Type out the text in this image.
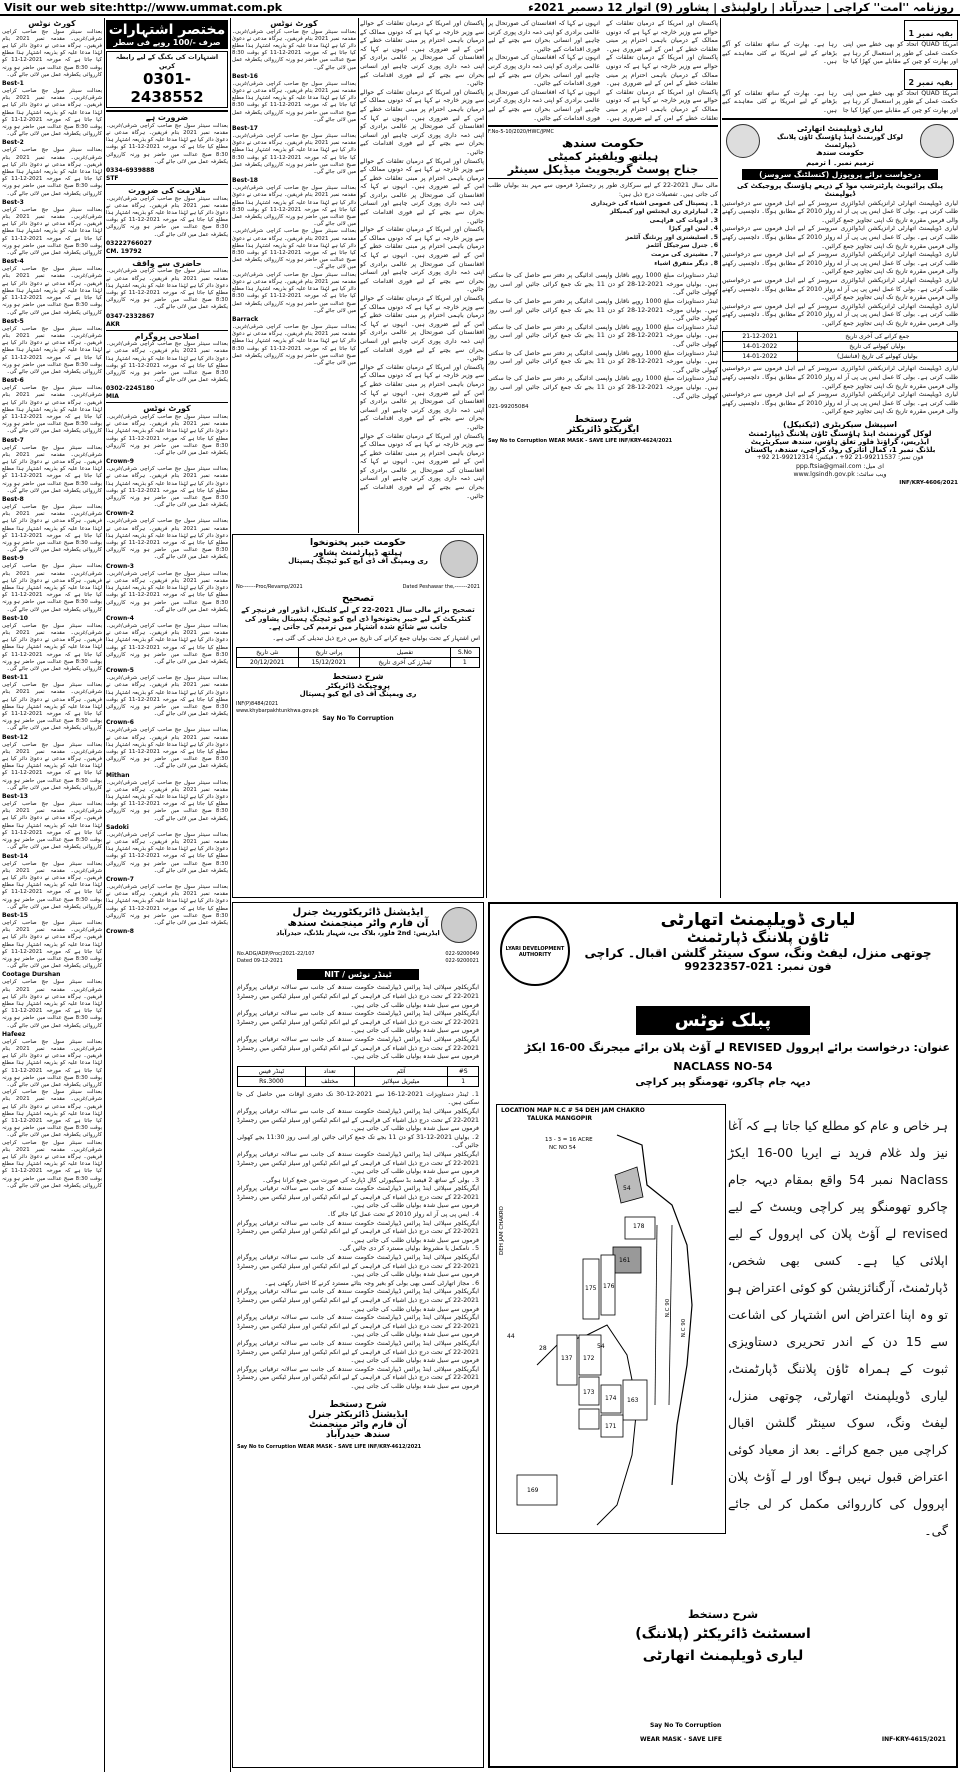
Visit our web site:http://www.ummat.com.pk	روزنامہ ''امت'' کراچی | حیدرآباد | راولپنڈی | پشاور (9) اتوار 12 دسمبر 2021ء
کورٹ نوٹس
بعدالت سینئر سول جج صاحب کراچی شرقی/غربی۔ مقدمہ نمبر 2021 بنام فریقین۔ ہرگاہ مدعی نے دعویٰ دائر کیا ہے لہٰذا مدعا علیہ کو بذریعہ اشتہار ہذا مطلع کیا جاتا ہے کہ مورخہ 2021-12-11 کو بوقت 8:30 صبح عدالت میں حاضر ہو ورنہ کارروائی یکطرفہ عمل میں لائی جائے گی۔
Best-1
بعدالت سینئر سول جج صاحب کراچی شرقی/غربی۔ مقدمہ نمبر 2021 بنام فریقین۔ ہرگاہ مدعی نے دعویٰ دائر کیا ہے لہٰذا مدعا علیہ کو بذریعہ اشتہار ہذا مطلع کیا جاتا ہے کہ مورخہ 2021-12-11 کو بوقت 8:30 صبح عدالت میں حاضر ہو ورنہ کارروائی یکطرفہ عمل میں لائی جائے گی۔
Best-2
بعدالت سینئر سول جج صاحب کراچی شرقی/غربی۔ مقدمہ نمبر 2021 بنام فریقین۔ ہرگاہ مدعی نے دعویٰ دائر کیا ہے لہٰذا مدعا علیہ کو بذریعہ اشتہار ہذا مطلع کیا جاتا ہے کہ مورخہ 2021-12-11 کو بوقت 8:30 صبح عدالت میں حاضر ہو ورنہ کارروائی یکطرفہ عمل میں لائی جائے گی۔
Best-3
بعدالت سینئر سول جج صاحب کراچی شرقی/غربی۔ مقدمہ نمبر 2021 بنام فریقین۔ ہرگاہ مدعی نے دعویٰ دائر کیا ہے لہٰذا مدعا علیہ کو بذریعہ اشتہار ہذا مطلع کیا جاتا ہے کہ مورخہ 2021-12-11 کو بوقت 8:30 صبح عدالت میں حاضر ہو ورنہ کارروائی یکطرفہ عمل میں لائی جائے گی۔
Best-4
بعدالت سینئر سول جج صاحب کراچی شرقی/غربی۔ مقدمہ نمبر 2021 بنام فریقین۔ ہرگاہ مدعی نے دعویٰ دائر کیا ہے لہٰذا مدعا علیہ کو بذریعہ اشتہار ہذا مطلع کیا جاتا ہے کہ مورخہ 2021-12-11 کو بوقت 8:30 صبح عدالت میں حاضر ہو ورنہ کارروائی یکطرفہ عمل میں لائی جائے گی۔
Best-5
بعدالت سینئر سول جج صاحب کراچی شرقی/غربی۔ مقدمہ نمبر 2021 بنام فریقین۔ ہرگاہ مدعی نے دعویٰ دائر کیا ہے لہٰذا مدعا علیہ کو بذریعہ اشتہار ہذا مطلع کیا جاتا ہے کہ مورخہ 2021-12-11 کو بوقت 8:30 صبح عدالت میں حاضر ہو ورنہ کارروائی یکطرفہ عمل میں لائی جائے گی۔
Best-6
بعدالت سینئر سول جج صاحب کراچی شرقی/غربی۔ مقدمہ نمبر 2021 بنام فریقین۔ ہرگاہ مدعی نے دعویٰ دائر کیا ہے لہٰذا مدعا علیہ کو بذریعہ اشتہار ہذا مطلع کیا جاتا ہے کہ مورخہ 2021-12-11 کو بوقت 8:30 صبح عدالت میں حاضر ہو ورنہ کارروائی یکطرفہ عمل میں لائی جائے گی۔
Best-7
بعدالت سینئر سول جج صاحب کراچی شرقی/غربی۔ مقدمہ نمبر 2021 بنام فریقین۔ ہرگاہ مدعی نے دعویٰ دائر کیا ہے لہٰذا مدعا علیہ کو بذریعہ اشتہار ہذا مطلع کیا جاتا ہے کہ مورخہ 2021-12-11 کو بوقت 8:30 صبح عدالت میں حاضر ہو ورنہ کارروائی یکطرفہ عمل میں لائی جائے گی۔
Best-8
بعدالت سینئر سول جج صاحب کراچی شرقی/غربی۔ مقدمہ نمبر 2021 بنام فریقین۔ ہرگاہ مدعی نے دعویٰ دائر کیا ہے لہٰذا مدعا علیہ کو بذریعہ اشتہار ہذا مطلع کیا جاتا ہے کہ مورخہ 2021-12-11 کو بوقت 8:30 صبح عدالت میں حاضر ہو ورنہ کارروائی یکطرفہ عمل میں لائی جائے گی۔
Best-9
بعدالت سینئر سول جج صاحب کراچی شرقی/غربی۔ مقدمہ نمبر 2021 بنام فریقین۔ ہرگاہ مدعی نے دعویٰ دائر کیا ہے لہٰذا مدعا علیہ کو بذریعہ اشتہار ہذا مطلع کیا جاتا ہے کہ مورخہ 2021-12-11 کو بوقت 8:30 صبح عدالت میں حاضر ہو ورنہ کارروائی یکطرفہ عمل میں لائی جائے گی۔
Best-10
بعدالت سینئر سول جج صاحب کراچی شرقی/غربی۔ مقدمہ نمبر 2021 بنام فریقین۔ ہرگاہ مدعی نے دعویٰ دائر کیا ہے لہٰذا مدعا علیہ کو بذریعہ اشتہار ہذا مطلع کیا جاتا ہے کہ مورخہ 2021-12-11 کو بوقت 8:30 صبح عدالت میں حاضر ہو ورنہ کارروائی یکطرفہ عمل میں لائی جائے گی۔
Best-11
بعدالت سینئر سول جج صاحب کراچی شرقی/غربی۔ مقدمہ نمبر 2021 بنام فریقین۔ ہرگاہ مدعی نے دعویٰ دائر کیا ہے لہٰذا مدعا علیہ کو بذریعہ اشتہار ہذا مطلع کیا جاتا ہے کہ مورخہ 2021-12-11 کو بوقت 8:30 صبح عدالت میں حاضر ہو ورنہ کارروائی یکطرفہ عمل میں لائی جائے گی۔
Best-12
بعدالت سینئر سول جج صاحب کراچی شرقی/غربی۔ مقدمہ نمبر 2021 بنام فریقین۔ ہرگاہ مدعی نے دعویٰ دائر کیا ہے لہٰذا مدعا علیہ کو بذریعہ اشتہار ہذا مطلع کیا جاتا ہے کہ مورخہ 2021-12-11 کو بوقت 8:30 صبح عدالت میں حاضر ہو ورنہ کارروائی یکطرفہ عمل میں لائی جائے گی۔
Best-13
بعدالت سینئر سول جج صاحب کراچی شرقی/غربی۔ مقدمہ نمبر 2021 بنام فریقین۔ ہرگاہ مدعی نے دعویٰ دائر کیا ہے لہٰذا مدعا علیہ کو بذریعہ اشتہار ہذا مطلع کیا جاتا ہے کہ مورخہ 2021-12-11 کو بوقت 8:30 صبح عدالت میں حاضر ہو ورنہ کارروائی یکطرفہ عمل میں لائی جائے گی۔
Best-14
بعدالت سینئر سول جج صاحب کراچی شرقی/غربی۔ مقدمہ نمبر 2021 بنام فریقین۔ ہرگاہ مدعی نے دعویٰ دائر کیا ہے لہٰذا مدعا علیہ کو بذریعہ اشتہار ہذا مطلع کیا جاتا ہے کہ مورخہ 2021-12-11 کو بوقت 8:30 صبح عدالت میں حاضر ہو ورنہ کارروائی یکطرفہ عمل میں لائی جائے گی۔
Best-15
بعدالت سینئر سول جج صاحب کراچی شرقی/غربی۔ مقدمہ نمبر 2021 بنام فریقین۔ ہرگاہ مدعی نے دعویٰ دائر کیا ہے لہٰذا مدعا علیہ کو بذریعہ اشتہار ہذا مطلع کیا جاتا ہے کہ مورخہ 2021-12-11 کو بوقت 8:30 صبح عدالت میں حاضر ہو ورنہ کارروائی یکطرفہ عمل میں لائی جائے گی۔
Cootage Durshan
بعدالت سینئر سول جج صاحب کراچی شرقی/غربی۔ مقدمہ نمبر 2021 بنام فریقین۔ ہرگاہ مدعی نے دعویٰ دائر کیا ہے لہٰذا مدعا علیہ کو بذریعہ اشتہار ہذا مطلع کیا جاتا ہے کہ مورخہ 2021-12-11 کو بوقت 8:30 صبح عدالت میں حاضر ہو ورنہ کارروائی یکطرفہ عمل میں لائی جائے گی۔
Hafeez
بعدالت سینئر سول جج صاحب کراچی شرقی/غربی۔ مقدمہ نمبر 2021 بنام فریقین۔ ہرگاہ مدعی نے دعویٰ دائر کیا ہے لہٰذا مدعا علیہ کو بذریعہ اشتہار ہذا مطلع کیا جاتا ہے کہ مورخہ 2021-12-11 کو بوقت 8:30 صبح عدالت میں حاضر ہو ورنہ کارروائی یکطرفہ عمل میں لائی جائے گی۔
بعدالت سینئر سول جج صاحب کراچی شرقی/غربی۔ مقدمہ نمبر 2021 بنام فریقین۔ ہرگاہ مدعی نے دعویٰ دائر کیا ہے لہٰذا مدعا علیہ کو بذریعہ اشتہار ہذا مطلع کیا جاتا ہے کہ مورخہ 2021-12-11 کو بوقت 8:30 صبح عدالت میں حاضر ہو ورنہ کارروائی یکطرفہ عمل میں لائی جائے گی۔
بعدالت سینئر سول جج صاحب کراچی شرقی/غربی۔ مقدمہ نمبر 2021 بنام فریقین۔ ہرگاہ مدعی نے دعویٰ دائر کیا ہے لہٰذا مدعا علیہ کو بذریعہ اشتہار ہذا مطلع کیا جاتا ہے کہ مورخہ 2021-12-11 کو بوقت 8:30 صبح عدالت میں حاضر ہو ورنہ کارروائی یکطرفہ عمل میں لائی جائے گی۔
مختصر اشتہارات
صرف -/100 روپے فی سطر
اشتہارات کی بکنگ کے لیے رابطہ کریں
0301-2438552
ضرورت ہے
بعدالت سینئر سول جج صاحب کراچی شرقی/غربی۔ مقدمہ نمبر 2021 بنام فریقین۔ ہرگاہ مدعی نے دعویٰ دائر کیا ہے لہٰذا مدعا علیہ کو بذریعہ اشتہار ہذا مطلع کیا جاتا ہے کہ مورخہ 2021-12-11 کو بوقت 8:30 صبح عدالت میں حاضر ہو ورنہ کارروائی یکطرفہ عمل میں لائی جائے گی۔
0334-6939888
STF
ملازمت کی ضرورت
بعدالت سینئر سول جج صاحب کراچی شرقی/غربی۔ مقدمہ نمبر 2021 بنام فریقین۔ ہرگاہ مدعی نے دعویٰ دائر کیا ہے لہٰذا مدعا علیہ کو بذریعہ اشتہار ہذا مطلع کیا جاتا ہے کہ مورخہ 2021-12-11 کو بوقت 8:30 صبح عدالت میں حاضر ہو ورنہ کارروائی یکطرفہ عمل میں لائی جائے گی۔
03222766027
CM. 19792
حاضری سے واقف
بعدالت سینئر سول جج صاحب کراچی شرقی/غربی۔ مقدمہ نمبر 2021 بنام فریقین۔ ہرگاہ مدعی نے دعویٰ دائر کیا ہے لہٰذا مدعا علیہ کو بذریعہ اشتہار ہذا مطلع کیا جاتا ہے کہ مورخہ 2021-12-11 کو بوقت 8:30 صبح عدالت میں حاضر ہو ورنہ کارروائی یکطرفہ عمل میں لائی جائے گی۔
0347-2332867
AKR
اصلاحی پروگرام
بعدالت سینئر سول جج صاحب کراچی شرقی/غربی۔ مقدمہ نمبر 2021 بنام فریقین۔ ہرگاہ مدعی نے دعویٰ دائر کیا ہے لہٰذا مدعا علیہ کو بذریعہ اشتہار ہذا مطلع کیا جاتا ہے کہ مورخہ 2021-12-11 کو بوقت 8:30 صبح عدالت میں حاضر ہو ورنہ کارروائی یکطرفہ عمل میں لائی جائے گی۔
0302-2245180
MIA
کورٹ نوٹس
بعدالت سینئر سول جج صاحب کراچی شرقی/غربی۔ مقدمہ نمبر 2021 بنام فریقین۔ ہرگاہ مدعی نے دعویٰ دائر کیا ہے لہٰذا مدعا علیہ کو بذریعہ اشتہار ہذا مطلع کیا جاتا ہے کہ مورخہ 2021-12-11 کو بوقت 8:30 صبح عدالت میں حاضر ہو ورنہ کارروائی یکطرفہ عمل میں لائی جائے گی۔
Crown-9
بعدالت سینئر سول جج صاحب کراچی شرقی/غربی۔ مقدمہ نمبر 2021 بنام فریقین۔ ہرگاہ مدعی نے دعویٰ دائر کیا ہے لہٰذا مدعا علیہ کو بذریعہ اشتہار ہذا مطلع کیا جاتا ہے کہ مورخہ 2021-12-11 کو بوقت 8:30 صبح عدالت میں حاضر ہو ورنہ کارروائی یکطرفہ عمل میں لائی جائے گی۔
Crown-2
بعدالت سینئر سول جج صاحب کراچی شرقی/غربی۔ مقدمہ نمبر 2021 بنام فریقین۔ ہرگاہ مدعی نے دعویٰ دائر کیا ہے لہٰذا مدعا علیہ کو بذریعہ اشتہار ہذا مطلع کیا جاتا ہے کہ مورخہ 2021-12-11 کو بوقت 8:30 صبح عدالت میں حاضر ہو ورنہ کارروائی یکطرفہ عمل میں لائی جائے گی۔
Crown-3
بعدالت سینئر سول جج صاحب کراچی شرقی/غربی۔ مقدمہ نمبر 2021 بنام فریقین۔ ہرگاہ مدعی نے دعویٰ دائر کیا ہے لہٰذا مدعا علیہ کو بذریعہ اشتہار ہذا مطلع کیا جاتا ہے کہ مورخہ 2021-12-11 کو بوقت 8:30 صبح عدالت میں حاضر ہو ورنہ کارروائی یکطرفہ عمل میں لائی جائے گی۔
Crown-4
بعدالت سینئر سول جج صاحب کراچی شرقی/غربی۔ مقدمہ نمبر 2021 بنام فریقین۔ ہرگاہ مدعی نے دعویٰ دائر کیا ہے لہٰذا مدعا علیہ کو بذریعہ اشتہار ہذا مطلع کیا جاتا ہے کہ مورخہ 2021-12-11 کو بوقت 8:30 صبح عدالت میں حاضر ہو ورنہ کارروائی یکطرفہ عمل میں لائی جائے گی۔
Crown-5
بعدالت سینئر سول جج صاحب کراچی شرقی/غربی۔ مقدمہ نمبر 2021 بنام فریقین۔ ہرگاہ مدعی نے دعویٰ دائر کیا ہے لہٰذا مدعا علیہ کو بذریعہ اشتہار ہذا مطلع کیا جاتا ہے کہ مورخہ 2021-12-11 کو بوقت 8:30 صبح عدالت میں حاضر ہو ورنہ کارروائی یکطرفہ عمل میں لائی جائے گی۔
Crown-6
بعدالت سینئر سول جج صاحب کراچی شرقی/غربی۔ مقدمہ نمبر 2021 بنام فریقین۔ ہرگاہ مدعی نے دعویٰ دائر کیا ہے لہٰذا مدعا علیہ کو بذریعہ اشتہار ہذا مطلع کیا جاتا ہے کہ مورخہ 2021-12-11 کو بوقت 8:30 صبح عدالت میں حاضر ہو ورنہ کارروائی یکطرفہ عمل میں لائی جائے گی۔
Mithan
بعدالت سینئر سول جج صاحب کراچی شرقی/غربی۔ مقدمہ نمبر 2021 بنام فریقین۔ ہرگاہ مدعی نے دعویٰ دائر کیا ہے لہٰذا مدعا علیہ کو بذریعہ اشتہار ہذا مطلع کیا جاتا ہے کہ مورخہ 2021-12-11 کو بوقت 8:30 صبح عدالت میں حاضر ہو ورنہ کارروائی یکطرفہ عمل میں لائی جائے گی۔
Sadoki
بعدالت سینئر سول جج صاحب کراچی شرقی/غربی۔ مقدمہ نمبر 2021 بنام فریقین۔ ہرگاہ مدعی نے دعویٰ دائر کیا ہے لہٰذا مدعا علیہ کو بذریعہ اشتہار ہذا مطلع کیا جاتا ہے کہ مورخہ 2021-12-11 کو بوقت 8:30 صبح عدالت میں حاضر ہو ورنہ کارروائی یکطرفہ عمل میں لائی جائے گی۔
Crown-7
بعدالت سینئر سول جج صاحب کراچی شرقی/غربی۔ مقدمہ نمبر 2021 بنام فریقین۔ ہرگاہ مدعی نے دعویٰ دائر کیا ہے لہٰذا مدعا علیہ کو بذریعہ اشتہار ہذا مطلع کیا جاتا ہے کہ مورخہ 2021-12-11 کو بوقت 8:30 صبح عدالت میں حاضر ہو ورنہ کارروائی یکطرفہ عمل میں لائی جائے گی۔
Crown-8
کورٹ نوٹس
بعدالت سینئر سول جج صاحب کراچی شرقی/غربی۔ مقدمہ نمبر 2021 بنام فریقین۔ ہرگاہ مدعی نے دعویٰ دائر کیا ہے لہٰذا مدعا علیہ کو بذریعہ اشتہار ہذا مطلع کیا جاتا ہے کہ مورخہ 2021-12-11 کو بوقت 8:30 صبح عدالت میں حاضر ہو ورنہ کارروائی یکطرفہ عمل میں لائی جائے گی۔
Best-16
بعدالت سینئر سول جج صاحب کراچی شرقی/غربی۔ مقدمہ نمبر 2021 بنام فریقین۔ ہرگاہ مدعی نے دعویٰ دائر کیا ہے لہٰذا مدعا علیہ کو بذریعہ اشتہار ہذا مطلع کیا جاتا ہے کہ مورخہ 2021-12-11 کو بوقت 8:30 صبح عدالت میں حاضر ہو ورنہ کارروائی یکطرفہ عمل میں لائی جائے گی۔
Best-17
بعدالت سینئر سول جج صاحب کراچی شرقی/غربی۔ مقدمہ نمبر 2021 بنام فریقین۔ ہرگاہ مدعی نے دعویٰ دائر کیا ہے لہٰذا مدعا علیہ کو بذریعہ اشتہار ہذا مطلع کیا جاتا ہے کہ مورخہ 2021-12-11 کو بوقت 8:30 صبح عدالت میں حاضر ہو ورنہ کارروائی یکطرفہ عمل میں لائی جائے گی۔
Best-18
بعدالت سینئر سول جج صاحب کراچی شرقی/غربی۔ مقدمہ نمبر 2021 بنام فریقین۔ ہرگاہ مدعی نے دعویٰ دائر کیا ہے لہٰذا مدعا علیہ کو بذریعہ اشتہار ہذا مطلع کیا جاتا ہے کہ مورخہ 2021-12-11 کو بوقت 8:30 صبح عدالت میں حاضر ہو ورنہ کارروائی یکطرفہ عمل میں لائی جائے گی۔
بعدالت سینئر سول جج صاحب کراچی شرقی/غربی۔ مقدمہ نمبر 2021 بنام فریقین۔ ہرگاہ مدعی نے دعویٰ دائر کیا ہے لہٰذا مدعا علیہ کو بذریعہ اشتہار ہذا مطلع کیا جاتا ہے کہ مورخہ 2021-12-11 کو بوقت 8:30 صبح عدالت میں حاضر ہو ورنہ کارروائی یکطرفہ عمل میں لائی جائے گی۔
بعدالت سینئر سول جج صاحب کراچی شرقی/غربی۔ مقدمہ نمبر 2021 بنام فریقین۔ ہرگاہ مدعی نے دعویٰ دائر کیا ہے لہٰذا مدعا علیہ کو بذریعہ اشتہار ہذا مطلع کیا جاتا ہے کہ مورخہ 2021-12-11 کو بوقت 8:30 صبح عدالت میں حاضر ہو ورنہ کارروائی یکطرفہ عمل میں لائی جائے گی۔
Barrack
بعدالت سینئر سول جج صاحب کراچی شرقی/غربی۔ مقدمہ نمبر 2021 بنام فریقین۔ ہرگاہ مدعی نے دعویٰ دائر کیا ہے لہٰذا مدعا علیہ کو بذریعہ اشتہار ہذا مطلع کیا جاتا ہے کہ مورخہ 2021-12-11 کو بوقت 8:30 صبح عدالت میں حاضر ہو ورنہ کارروائی یکطرفہ عمل میں لائی جائے گی۔
پاکستان اور امریکا کے درمیان تعلقات کے حوالے سے وزیر خارجہ نے کہا ہے کہ دونوں ممالک کے درمیان باہمی احترام پر مبنی تعلقات خطے کے امن کے لیے ضروری ہیں۔ انہوں نے کہا کہ افغانستان کی صورتحال پر عالمی برادری کو اپنی ذمہ داری پوری کرنی چاہیے اور انسانی بحران سے بچنے کے لیے فوری اقدامات کیے جائیں۔
پاکستان اور امریکا کے درمیان تعلقات کے حوالے سے وزیر خارجہ نے کہا ہے کہ دونوں ممالک کے درمیان باہمی احترام پر مبنی تعلقات خطے کے امن کے لیے ضروری ہیں۔ انہوں نے کہا کہ افغانستان کی صورتحال پر عالمی برادری کو اپنی ذمہ داری پوری کرنی چاہیے اور انسانی بحران سے بچنے کے لیے فوری اقدامات کیے جائیں۔
پاکستان اور امریکا کے درمیان تعلقات کے حوالے سے وزیر خارجہ نے کہا ہے کہ دونوں ممالک کے درمیان باہمی احترام پر مبنی تعلقات خطے کے امن کے لیے ضروری ہیں۔ انہوں نے کہا کہ افغانستان کی صورتحال پر عالمی برادری کو اپنی ذمہ داری پوری کرنی چاہیے اور انسانی بحران سے بچنے کے لیے فوری اقدامات کیے جائیں۔
پاکستان اور امریکا کے درمیان تعلقات کے حوالے سے وزیر خارجہ نے کہا ہے کہ دونوں ممالک کے درمیان باہمی احترام پر مبنی تعلقات خطے کے امن کے لیے ضروری ہیں۔ انہوں نے کہا کہ افغانستان کی صورتحال پر عالمی برادری کو اپنی ذمہ داری پوری کرنی چاہیے اور انسانی بحران سے بچنے کے لیے فوری اقدامات کیے جائیں۔
پاکستان اور امریکا کے درمیان تعلقات کے حوالے سے وزیر خارجہ نے کہا ہے کہ دونوں ممالک کے درمیان باہمی احترام پر مبنی تعلقات خطے کے امن کے لیے ضروری ہیں۔ انہوں نے کہا کہ افغانستان کی صورتحال پر عالمی برادری کو اپنی ذمہ داری پوری کرنی چاہیے اور انسانی بحران سے بچنے کے لیے فوری اقدامات کیے جائیں۔
پاکستان اور امریکا کے درمیان تعلقات کے حوالے سے وزیر خارجہ نے کہا ہے کہ دونوں ممالک کے درمیان باہمی احترام پر مبنی تعلقات خطے کے امن کے لیے ضروری ہیں۔ انہوں نے کہا کہ افغانستان کی صورتحال پر عالمی برادری کو اپنی ذمہ داری پوری کرنی چاہیے اور انسانی بحران سے بچنے کے لیے فوری اقدامات کیے جائیں۔
پاکستان اور امریکا کے درمیان تعلقات کے حوالے سے وزیر خارجہ نے کہا ہے کہ دونوں ممالک کے درمیان باہمی احترام پر مبنی تعلقات خطے کے امن کے لیے ضروری ہیں۔ انہوں نے کہا کہ افغانستان کی صورتحال پر عالمی برادری کو اپنی ذمہ داری پوری کرنی چاہیے اور انسانی بحران سے بچنے کے لیے فوری اقدامات کیے جائیں۔
پاکستان اور امریکا کے درمیان تعلقات کے حوالے سے وزیر خارجہ نے کہا ہے کہ دونوں ممالک کے درمیان باہمی احترام پر مبنی تعلقات خطے کے امن کے لیے ضروری ہیں۔ انہوں نے کہا کہ افغانستان کی صورتحال پر عالمی برادری کو اپنی ذمہ داری پوری کرنی چاہیے اور انسانی بحران سے بچنے کے لیے فوری اقدامات کیے جائیں۔
پاکستان اور امریکا کے درمیان تعلقات کے حوالے سے وزیر خارجہ نے کہا ہے کہ دونوں ممالک کے درمیان باہمی احترام پر مبنی تعلقات خطے کے امن کے لیے ضروری ہیں۔ انہوں نے کہا کہ افغانستان کی صورتحال پر عالمی برادری کو اپنی ذمہ داری پوری کرنی چاہیے اور انسانی بحران سے بچنے کے لیے فوری اقدامات کیے جائیں۔
پاکستان اور امریکا کے درمیان تعلقات کے حوالے سے وزیر خارجہ نے کہا ہے کہ دونوں ممالک کے درمیان باہمی احترام پر مبنی تعلقات خطے کے امن کے لیے ضروری ہیں۔ انہوں نے کہا کہ افغانستان کی صورتحال پر عالمی برادری کو اپنی ذمہ داری پوری کرنی چاہیے اور انسانی بحران سے بچنے کے لیے فوری اقدامات کیے جائیں۔
F.No-5-10/2020/HWC/JPMC
حکومت سندھ
ہیلتھ ویلفیئر کمیٹی
جناح پوسٹ گریجویٹ میڈیکل سینٹر
مالی سال 2021-22 کے لیے سرکاری طور پر رجسٹرڈ فرموں سے مہر بند بولیاں طلب کی جاتی ہیں۔ تفصیلات درج ذیل ہیں:
1۔ ہسپتال کی عمومی اشیاء کی خریداری
2۔ لیبارٹری ری ایجنٹس اور کیمیکلز
3۔ ادویات کی فراہمی
4۔ لینن اور کپڑا
5۔ اسٹیشنری اور پرنٹنگ آئٹمز
6۔ جنرل سرجیکل آئٹمز
7۔ مشینری کی مرمت
8۔ دیگر متفرق اشیاء
ٹینڈر دستاویزات مبلغ 1000 روپے ناقابل واپسی ادائیگی پر دفتر سے حاصل کی جا سکتی ہیں۔ بولیاں مورخہ 2021-12-28 کو دن 11 بجے تک جمع کرائی جائیں اور اسی روز کھولی جائیں گی۔
ٹینڈر دستاویزات مبلغ 1000 روپے ناقابل واپسی ادائیگی پر دفتر سے حاصل کی جا سکتی ہیں۔ بولیاں مورخہ 2021-12-28 کو دن 11 بجے تک جمع کرائی جائیں اور اسی روز کھولی جائیں گی۔
ٹینڈر دستاویزات مبلغ 1000 روپے ناقابل واپسی ادائیگی پر دفتر سے حاصل کی جا سکتی ہیں۔ بولیاں مورخہ 2021-12-28 کو دن 11 بجے تک جمع کرائی جائیں اور اسی روز کھولی جائیں گی۔
ٹینڈر دستاویزات مبلغ 1000 روپے ناقابل واپسی ادائیگی پر دفتر سے حاصل کی جا سکتی ہیں۔ بولیاں مورخہ 2021-12-28 کو دن 11 بجے تک جمع کرائی جائیں اور اسی روز کھولی جائیں گی۔
ٹینڈر دستاویزات مبلغ 1000 روپے ناقابل واپسی ادائیگی پر دفتر سے حاصل کی جا سکتی ہیں۔ بولیاں مورخہ 2021-12-28 کو دن 11 بجے تک جمع کرائی جائیں اور اسی روز کھولی جائیں گی۔
021-99205084
شرح دستخط
ایگزیکٹو ڈائریکٹر
Say No to Corruption WEAR MASK - SAVE LIFE INF/KRY-4624/2021
بقیہ نمبر 1
امریکا QUAD اتحاد کو بھی خطے میں اپنی حکمت عملی کے طور پر استعمال کر رہا ہے اور بھارت کو چین کے مقابلے میں کھڑا کیا جا رہا ہے۔ بھارت کے ساتھ تعلقات کو آگے بڑھانے کے لیے امریکا نے کئی معاہدے کیے ہیں۔
بقیہ نمبر 2
امریکا QUAD اتحاد کو بھی خطے میں اپنی حکمت عملی کے طور پر استعمال کر رہا ہے اور بھارت کو چین کے مقابلے میں کھڑا کیا جا رہا ہے۔ بھارت کے ساتھ تعلقات کو آگے بڑھانے کے لیے امریکا نے کئی معاہدے کیے ہیں۔
لیاری ڈویلپمنٹ اتھارٹی
لوکل گورنمنٹ اینڈ ہاؤسنگ ٹاؤن پلاننگ ڈیپارٹمنٹ
حکومت سندھ
ترمیم نمبر۔ ا ترمیم
درخواست برائے پروپوزل (کنسلٹنگ سروسز)
پبلک پرائیویٹ پارٹنرشپ موڈ کے ذریعے ہاؤسنگ پروجیکٹ کی ڈیولپمنٹ
لیاری ڈویلپمنٹ اتھارٹی ٹرانزیکشن ایڈوائزری سروسز کے لیے اہل فرموں سے درخواستیں طلب کرتی ہے۔ بولی کا عمل ایس پی پی آر اے رولز 2010 کے مطابق ہوگا۔ دلچسپی رکھنے والی فرمیں مقررہ تاریخ تک اپنی تجاویز جمع کرائیں۔
لیاری ڈویلپمنٹ اتھارٹی ٹرانزیکشن ایڈوائزری سروسز کے لیے اہل فرموں سے درخواستیں طلب کرتی ہے۔ بولی کا عمل ایس پی پی آر اے رولز 2010 کے مطابق ہوگا۔ دلچسپی رکھنے والی فرمیں مقررہ تاریخ تک اپنی تجاویز جمع کرائیں۔
لیاری ڈویلپمنٹ اتھارٹی ٹرانزیکشن ایڈوائزری سروسز کے لیے اہل فرموں سے درخواستیں طلب کرتی ہے۔ بولی کا عمل ایس پی پی آر اے رولز 2010 کے مطابق ہوگا۔ دلچسپی رکھنے والی فرمیں مقررہ تاریخ تک اپنی تجاویز جمع کرائیں۔
لیاری ڈویلپمنٹ اتھارٹی ٹرانزیکشن ایڈوائزری سروسز کے لیے اہل فرموں سے درخواستیں طلب کرتی ہے۔ بولی کا عمل ایس پی پی آر اے رولز 2010 کے مطابق ہوگا۔ دلچسپی رکھنے والی فرمیں مقررہ تاریخ تک اپنی تجاویز جمع کرائیں۔
لیاری ڈویلپمنٹ اتھارٹی ٹرانزیکشن ایڈوائزری سروسز کے لیے اہل فرموں سے درخواستیں طلب کرتی ہے۔ بولی کا عمل ایس پی پی آر اے رولز 2010 کے مطابق ہوگا۔ دلچسپی رکھنے والی فرمیں مقررہ تاریخ تک اپنی تجاویز جمع کرائیں۔
جمع کرانے کی آخری تاریخ	21-12-2021
بولیاں کھولنے کی تاریخ	14-01-2022
بولیاں کھولنے کی تاریخ (فنانشل)	14-01-2022
لیاری ڈویلپمنٹ اتھارٹی ٹرانزیکشن ایڈوائزری سروسز کے لیے اہل فرموں سے درخواستیں طلب کرتی ہے۔ بولی کا عمل ایس پی پی آر اے رولز 2010 کے مطابق ہوگا۔ دلچسپی رکھنے والی فرمیں مقررہ تاریخ تک اپنی تجاویز جمع کرائیں۔
لیاری ڈویلپمنٹ اتھارٹی ٹرانزیکشن ایڈوائزری سروسز کے لیے اہل فرموں سے درخواستیں طلب کرتی ہے۔ بولی کا عمل ایس پی پی آر اے رولز 2010 کے مطابق ہوگا۔ دلچسپی رکھنے والی فرمیں مقررہ تاریخ تک اپنی تجاویز جمع کرائیں۔
اسپیشل سیکریٹری (ٹیکنیکل)
لوکل گورنمنٹ اینڈ ہاؤسنگ ٹاؤن پلاننگ ڈیپارٹمنٹ
ایڈریس، گراؤنڈ فلور تغلق ہاؤس، سندھ سیکریٹریٹ
بلڈنگ نمبر 1، کمال اتاترک روڈ، کراچی، سندھ، پاکستان
فون نمبر: 99211537-21 92+ ، فیکس: 99212314-21 92+
ای میل: ppp.ftsia@gmail.com
ویب سائٹ: www.lgsindh.gov.pk
INF/KRY-4606/2021
حکومت خیبر پختونخوا
ہیلتھ ڈیپارٹمنٹ پشاور
ری ویمپنگ آف ڈی ایچ کیو ٹیچنگ ہسپتال
No-------Proc/Revamp/2021	Dated Peshawar the,-------2021
تصحیح
تصحیح برائے مالی سال 2021-22 کے لیے کلینکل، انڈور اور فرنیچر کے کنٹریکٹ کے لیے خیبر پختونخوا ڈی ایچ کیو ٹیچنگ ہسپتال پشاور کی جانب سے شائع شدہ اشتہار میں ترمیم کی جاتی ہے۔
اس اشتہار کے تحت بولیاں جمع کرانے کی تاریخ میں درج ذیل تبدیلی کی گئی ہے۔
S.No	تفصیل	پرانی تاریخ	نئی تاریخ
1	ٹینڈرز کی آخری تاریخ	15/12/2021	20/12/2021
شرح دستخط
پروجیکٹ ڈائریکٹر
ری ویمپنگ آف ڈی ایچ کیو ہسپتال
INF(P)8484/2021
www.khybarpakhtunkhwa.gov.pk
Say No To Corruption
ایڈیشنل ڈائریکٹوریٹ جنرل
آن فارم واٹر مینجمنٹ سندھ
ایڈریس: 2nd فلور، بلاک بی، شہباز بلڈنگ، حیدرآباد
No.ADG/ADP/Proc/2021-22/107	022-9200049
Dated 09-12-2021	022-9200021
ٹینڈر نوٹس / NIT
ایگریکلچر سپلائی اینڈ پرائس ڈیپارٹمنٹ حکومت سندھ کی جانب سے سالانہ ترقیاتی پروگرام 2021-22 کے تحت درج ذیل اشیاء کی فراہمی کے لیے انکم ٹیکس اور سیلز ٹیکس میں رجسٹرڈ فرموں سے سیل شدہ بولیاں طلب کی جاتی ہیں۔
ایگریکلچر سپلائی اینڈ پرائس ڈیپارٹمنٹ حکومت سندھ کی جانب سے سالانہ ترقیاتی پروگرام 2021-22 کے تحت درج ذیل اشیاء کی فراہمی کے لیے انکم ٹیکس اور سیلز ٹیکس میں رجسٹرڈ فرموں سے سیل شدہ بولیاں طلب کی جاتی ہیں۔
ایگریکلچر سپلائی اینڈ پرائس ڈیپارٹمنٹ حکومت سندھ کی جانب سے سالانہ ترقیاتی پروگرام 2021-22 کے تحت درج ذیل اشیاء کی فراہمی کے لیے انکم ٹیکس اور سیلز ٹیکس میں رجسٹرڈ فرموں سے سیل شدہ بولیاں طلب کی جاتی ہیں۔
S#	آئٹم	تعداد	ٹینڈر فیس
1	میٹیریل سپلائیز	مختلف	Rs.3000
1۔ ٹینڈر دستاویزات 2021-12-16 سے 2021-12-30 تک دفتری اوقات میں حاصل کی جا سکتی ہیں۔
ایگریکلچر سپلائی اینڈ پرائس ڈیپارٹمنٹ حکومت سندھ کی جانب سے سالانہ ترقیاتی پروگرام 2021-22 کے تحت درج ذیل اشیاء کی فراہمی کے لیے انکم ٹیکس اور سیلز ٹیکس میں رجسٹرڈ فرموں سے سیل شدہ بولیاں طلب کی جاتی ہیں۔
2۔ بولیاں 2021-12-31 کو دن 11 بجے تک جمع کرائی جائیں اور اسی روز 11:30 بجے کھولی جائیں گی۔
ایگریکلچر سپلائی اینڈ پرائس ڈیپارٹمنٹ حکومت سندھ کی جانب سے سالانہ ترقیاتی پروگرام 2021-22 کے تحت درج ذیل اشیاء کی فراہمی کے لیے انکم ٹیکس اور سیلز ٹیکس میں رجسٹرڈ فرموں سے سیل شدہ بولیاں طلب کی جاتی ہیں۔
3۔ بولی کے ساتھ 2 فیصد بڈ سیکیورٹی کال ڈپازٹ کی صورت میں جمع کرانا ہوگی۔
ایگریکلچر سپلائی اینڈ پرائس ڈیپارٹمنٹ حکومت سندھ کی جانب سے سالانہ ترقیاتی پروگرام 2021-22 کے تحت درج ذیل اشیاء کی فراہمی کے لیے انکم ٹیکس اور سیلز ٹیکس میں رجسٹرڈ فرموں سے سیل شدہ بولیاں طلب کی جاتی ہیں۔
4۔ ایس پی پی آر اے رولز 2010 کے تحت عمل کیا جائے گا۔
ایگریکلچر سپلائی اینڈ پرائس ڈیپارٹمنٹ حکومت سندھ کی جانب سے سالانہ ترقیاتی پروگرام 2021-22 کے تحت درج ذیل اشیاء کی فراہمی کے لیے انکم ٹیکس اور سیلز ٹیکس میں رجسٹرڈ فرموں سے سیل شدہ بولیاں طلب کی جاتی ہیں۔
5۔ نامکمل یا مشروط بولیاں مسترد کر دی جائیں گی۔
ایگریکلچر سپلائی اینڈ پرائس ڈیپارٹمنٹ حکومت سندھ کی جانب سے سالانہ ترقیاتی پروگرام 2021-22 کے تحت درج ذیل اشیاء کی فراہمی کے لیے انکم ٹیکس اور سیلز ٹیکس میں رجسٹرڈ فرموں سے سیل شدہ بولیاں طلب کی جاتی ہیں۔
6۔ مجاز اتھارٹی کسی بھی بولی کو بغیر وجہ بتائے مسترد کرنے کا اختیار رکھتی ہے۔
ایگریکلچر سپلائی اینڈ پرائس ڈیپارٹمنٹ حکومت سندھ کی جانب سے سالانہ ترقیاتی پروگرام 2021-22 کے تحت درج ذیل اشیاء کی فراہمی کے لیے انکم ٹیکس اور سیلز ٹیکس میں رجسٹرڈ فرموں سے سیل شدہ بولیاں طلب کی جاتی ہیں۔
ایگریکلچر سپلائی اینڈ پرائس ڈیپارٹمنٹ حکومت سندھ کی جانب سے سالانہ ترقیاتی پروگرام 2021-22 کے تحت درج ذیل اشیاء کی فراہمی کے لیے انکم ٹیکس اور سیلز ٹیکس میں رجسٹرڈ فرموں سے سیل شدہ بولیاں طلب کی جاتی ہیں۔
ایگریکلچر سپلائی اینڈ پرائس ڈیپارٹمنٹ حکومت سندھ کی جانب سے سالانہ ترقیاتی پروگرام 2021-22 کے تحت درج ذیل اشیاء کی فراہمی کے لیے انکم ٹیکس اور سیلز ٹیکس میں رجسٹرڈ فرموں سے سیل شدہ بولیاں طلب کی جاتی ہیں۔
ایگریکلچر سپلائی اینڈ پرائس ڈیپارٹمنٹ حکومت سندھ کی جانب سے سالانہ ترقیاتی پروگرام 2021-22 کے تحت درج ذیل اشیاء کی فراہمی کے لیے انکم ٹیکس اور سیلز ٹیکس میں رجسٹرڈ فرموں سے سیل شدہ بولیاں طلب کی جاتی ہیں۔
شرح دستخط
ایڈیشنل ڈائریکٹر جنرل
آن فارم واٹر مینجمنٹ
سندھ حیدرآباد
Say No to Corruption WEAR MASK - SAVE LIFE INF/KRY-4612/2021
LYARI DEVELOPMENT AUTHORITY
لیاری ڈویلپمنٹ اتھارٹی
ٹاؤن پلاننگ ڈپارٹمنٹ
چوتھی منزل، لیفٹ ونگ، سوک سینٹر گلشن اقبال۔ کراچی
فون نمبر: 021-99232357
پبلک نوٹس
عنوان: درخواست برائے اپروول REVISED لے آؤٹ پلان برائے میجرنگ 00-16 ایکڑ
NACLASS NO-54
دیہہ جام چاکرو، تھومنگو پیر کراچی
LOCATION MAP N.C # 54 DEH JAM CHAKRO
TALUKA MANGOPIR
13 - 3 = 16 ACRE
NC NO 54
DEH JAM CHAKRO
N.C 90
N.C 90
54
178
161
176
175
172
173
174
171
163
169
137
28
44
54
ہر خاص و عام کو مطلع کیا جاتا ہے کہ آغا نیز ولد غلام فرید نے ایریا 00-16 ایکڑ Naclass نمبر 54 واقع بمقام دیہہ جام چاکرو تھومنگو پیر کراچی ویسٹ کے لیے revised لے آؤٹ پلان کی اپروول کے لیے اپلائی کیا ہے۔ کسی بھی شخص، ڈپارٹمنٹ، آرگنائزیشن کو کوئی اعتراض ہو تو وہ اپنا اعتراض اس اشتہار کی اشاعت سے 15 دن کے اندر تحریری دستاویزی ثبوت کے ہمراہ ٹاؤن پلاننگ ڈپارٹمنٹ، لیاری ڈویلپمنٹ اتھارٹی، چوتھی منزل، لیفٹ ونگ، سوک سینٹر گلشن اقبال کراچی میں جمع کرائے۔ بعد از معیاد کوئی اعتراض قبول نہیں ہوگا اور لے آؤٹ پلان اپروول کی کارروائی مکمل کر لی جائے گی۔
شرح دستخط
اسسٹنٹ ڈائریکٹر (پلاننگ)
لیاری ڈویلپمنٹ اتھارٹی
Say No To Corruption
WEAR MASK - SAVE LIFE	INF-KRY-4615/2021
